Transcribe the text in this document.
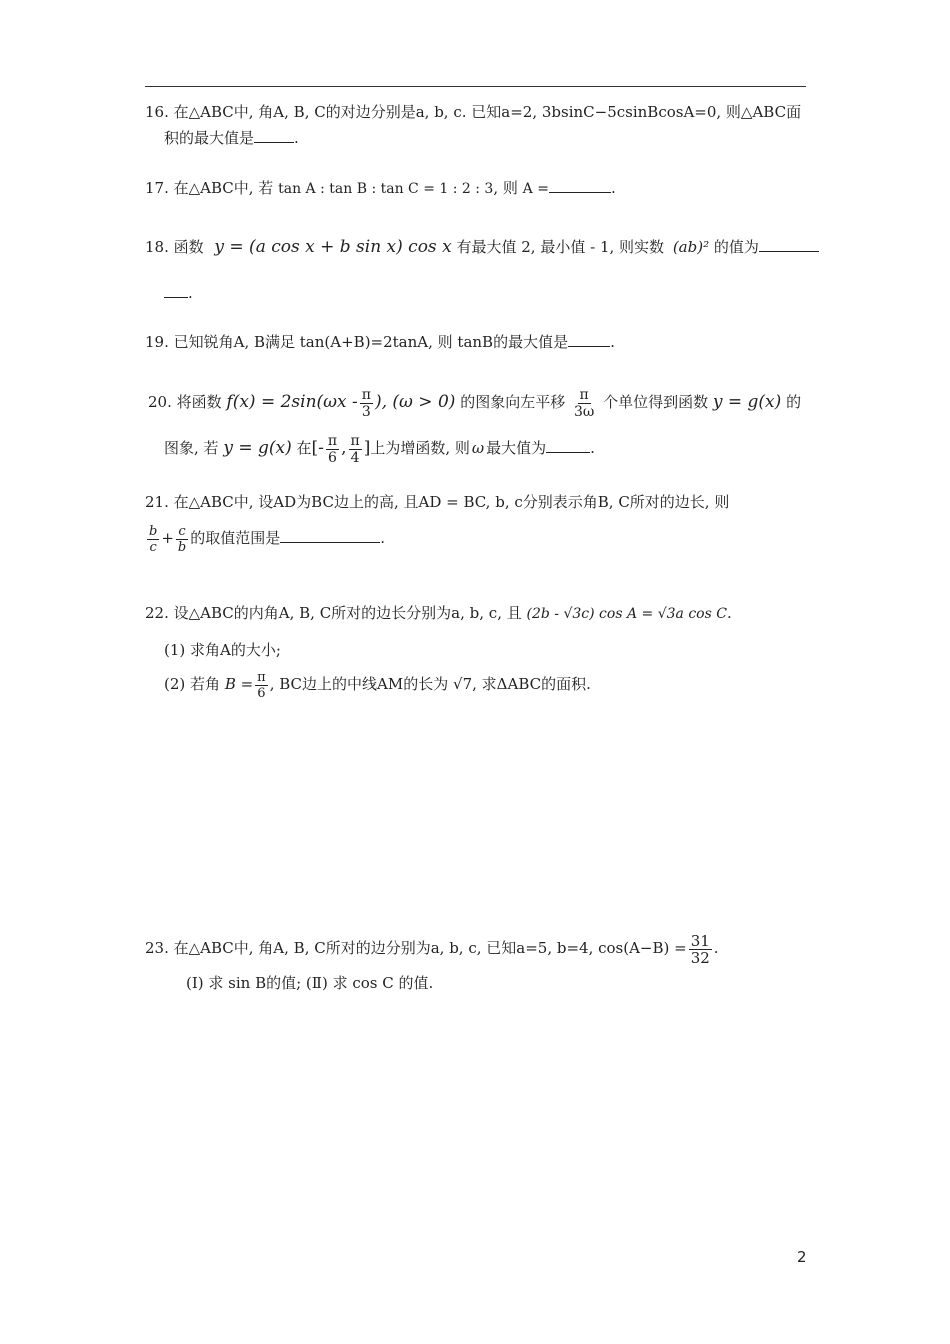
16. 在△ABC中, 角A, B, C的对边分别是a, b, c. 已知a=2, 3bsinC−5csinBcosA=0, 则△ABC面
积的最大值是	.
17. 在△ABC中, 若 tan A : tan B : tan C = 1 : 2 : 3, 则 A =	.
18. 函数 y = (a cos x + b sin x) cos x 有最大值 2, 最小值 - 1, 则实数 (ab)² 的值为
.
19. 已知锐角A, B满足 tan(A+B)=2tanA, 则 tanB的最大值是	.
20. 将函数 $f(x) = 2\sin(\omega x - \frac{\pi}{3}$ ), (ω > 0) 的图象向左平移 $\frac{\pi}{3\omega}$ 个单位得到函数 y = g(x) 的
图象, 若 y = g(x) 在[- $\frac{\pi}{6}$ , $\frac{\pi}{4}$ ]上为增函数, 则 ω 最大值为	.
21. 在△ABC中, 设AD为BC边上的高, 且AD = BC, b, c分别表示角B, C所对的边长, 则
$\frac{b}{c} + \frac{c}{b}$ 的取值范围是	.
22. 设△ABC的内角A, B, C所对的边长分别为a, b, c, 且 (2b - √3c) cos A = √3a cos C.
(1) 求角A的大小;
(2) 若角 $B = \frac{\pi}{6}$ , BC边上的中线AM的长为 √7, 求ΔABC的面积.
23. 在△ABC中, 角A, B, C所对的边分别为a, b, c, 已知a=5, b=4, $\cos(A-B) = \frac{31}{32}$ .
(Ⅰ) 求 sin B的值; (Ⅱ) 求 cos C 的值.
2
